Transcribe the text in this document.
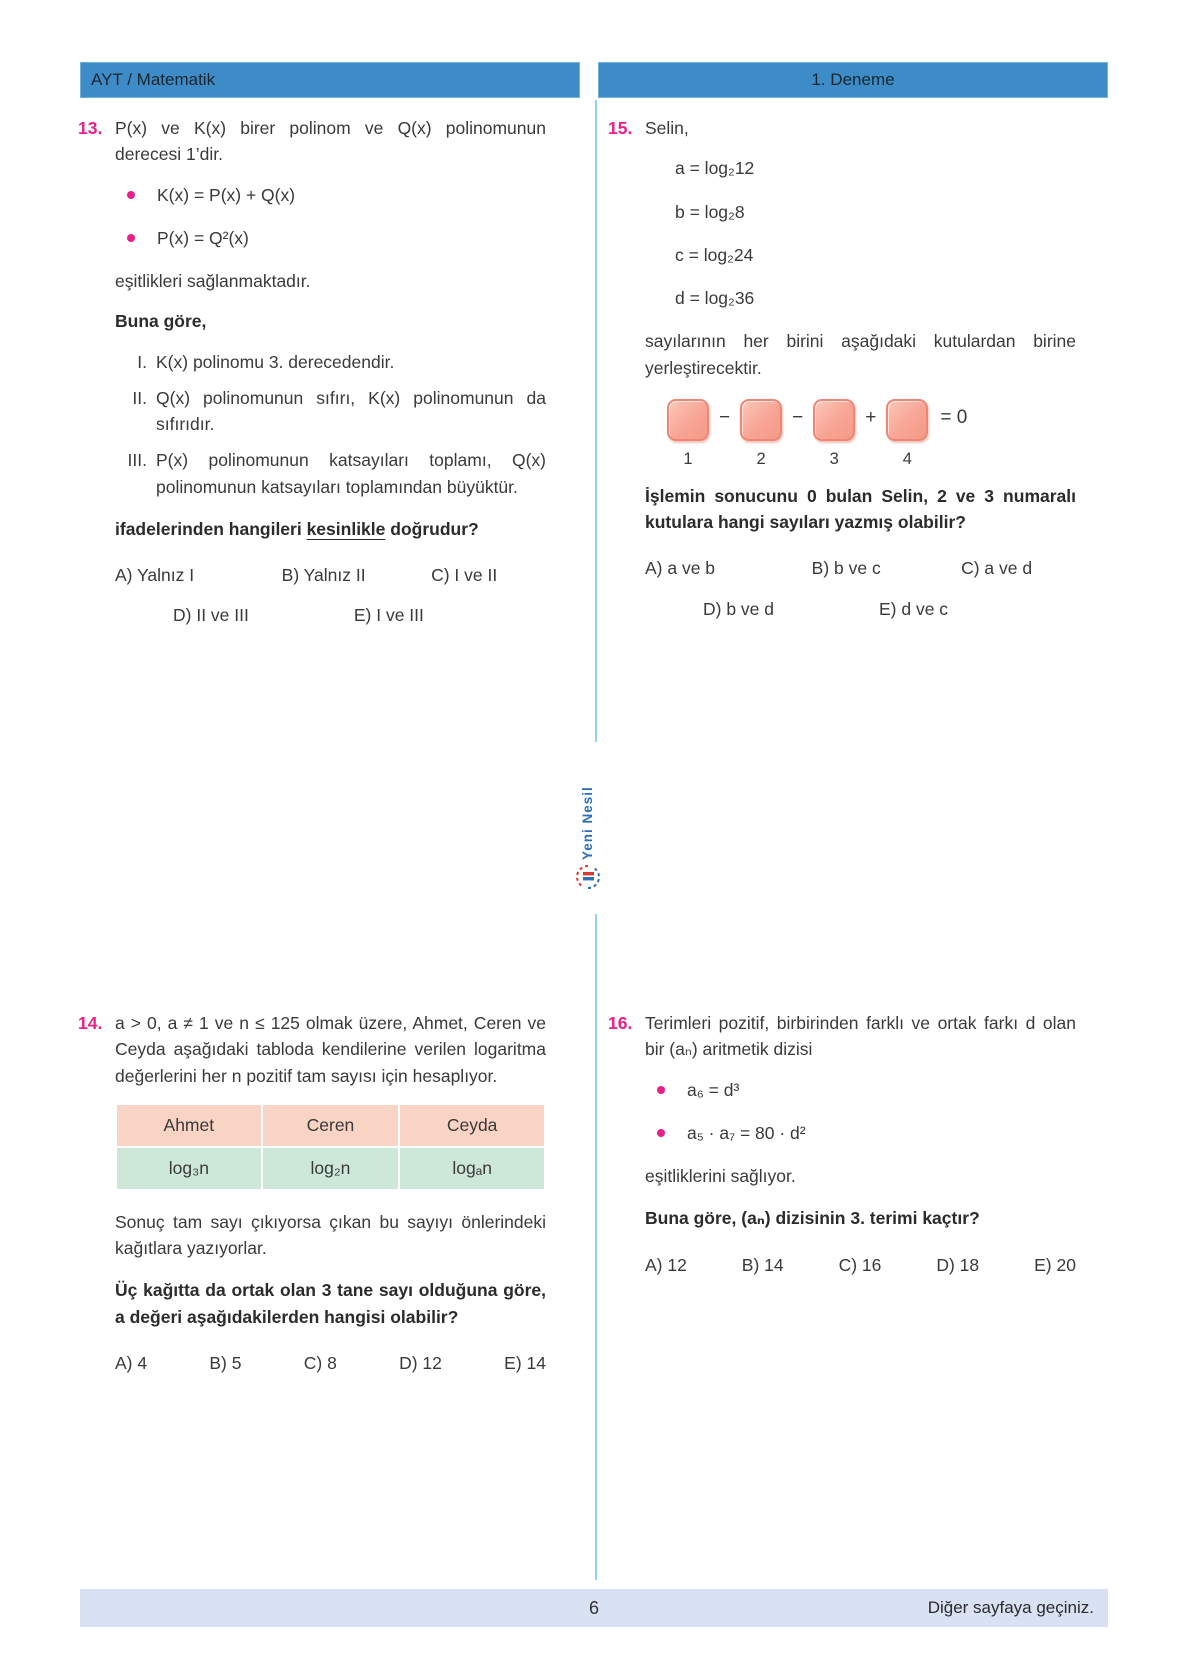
AYT / Matematik	1. Deneme
Yeni Nesil
13. P(x) ve K(x) birer polinom ve Q(x) polinomunun derecesi 1’dir.

K(x) = P(x) + Q(x)
P(x) = Q²(x)

eşitlikleri sağlanmaktadır.

Buna göre,

I. K(x) polinomu 3. derecedendir.

II. Q(x) polinomunun sıfırı, K(x) polinomunun da sıfırıdır.

III. P(x) polinomunun katsayıları toplamı, Q(x) polinomunun katsayıları toplamından büyüktür.

ifadelerinden hangileri kesinlikle doğrudur?

A) Yalnız I	B) Yalnız II	C) I ve II
D) II ve III	E) I ve III
14. a > 0, a ≠ 1 ve n ≤ 125 olmak üzere, Ahmet, Ceren ve Ceyda aşağıdaki tabloda kendilerine verilen logaritma değerlerini her n pozitif tam sayısı için hesaplıyor.

Ahmet	Ceren	Ceyda
log₃n	log₂n	logₐn

Sonuç tam sayı çıkıyorsa çıkan bu sayıyı önlerindeki kağıtlara yazıyorlar.

Üç kağıtta da ortak olan 3 tane sayı olduğuna göre, a değeri aşağıdakilerden hangisi olabilir?

A) 4	B) 5	C) 8	D) 12	E) 14
15. Selin,

a = log₂12
b = log₂8
c = log₂24
d = log₂36

sayılarının her birini aşağıdaki kutulardan birine yerleştirecektir.

1
−
2
−
3
+
4
= 0

İşlemin sonucunu 0 bulan Selin, 2 ve 3 numaralı kutulara hangi sayıları yazmış olabilir?

A) a ve b	B) b ve c	C) a ve d
D) b ve d	E) d ve c
16. Terimleri pozitif, birbirinden farklı ve ortak farkı d olan bir (aₙ) aritmetik dizisi

a₆ = d³
a₅ · a₇ = 80 · d²

eşitliklerini sağlıyor.

Buna göre, (aₙ) dizisinin 3. terimi kaçtır?

A) 12	B) 14	C) 16	D) 18	E) 20
6	Diğer sayfaya geçiniz.
